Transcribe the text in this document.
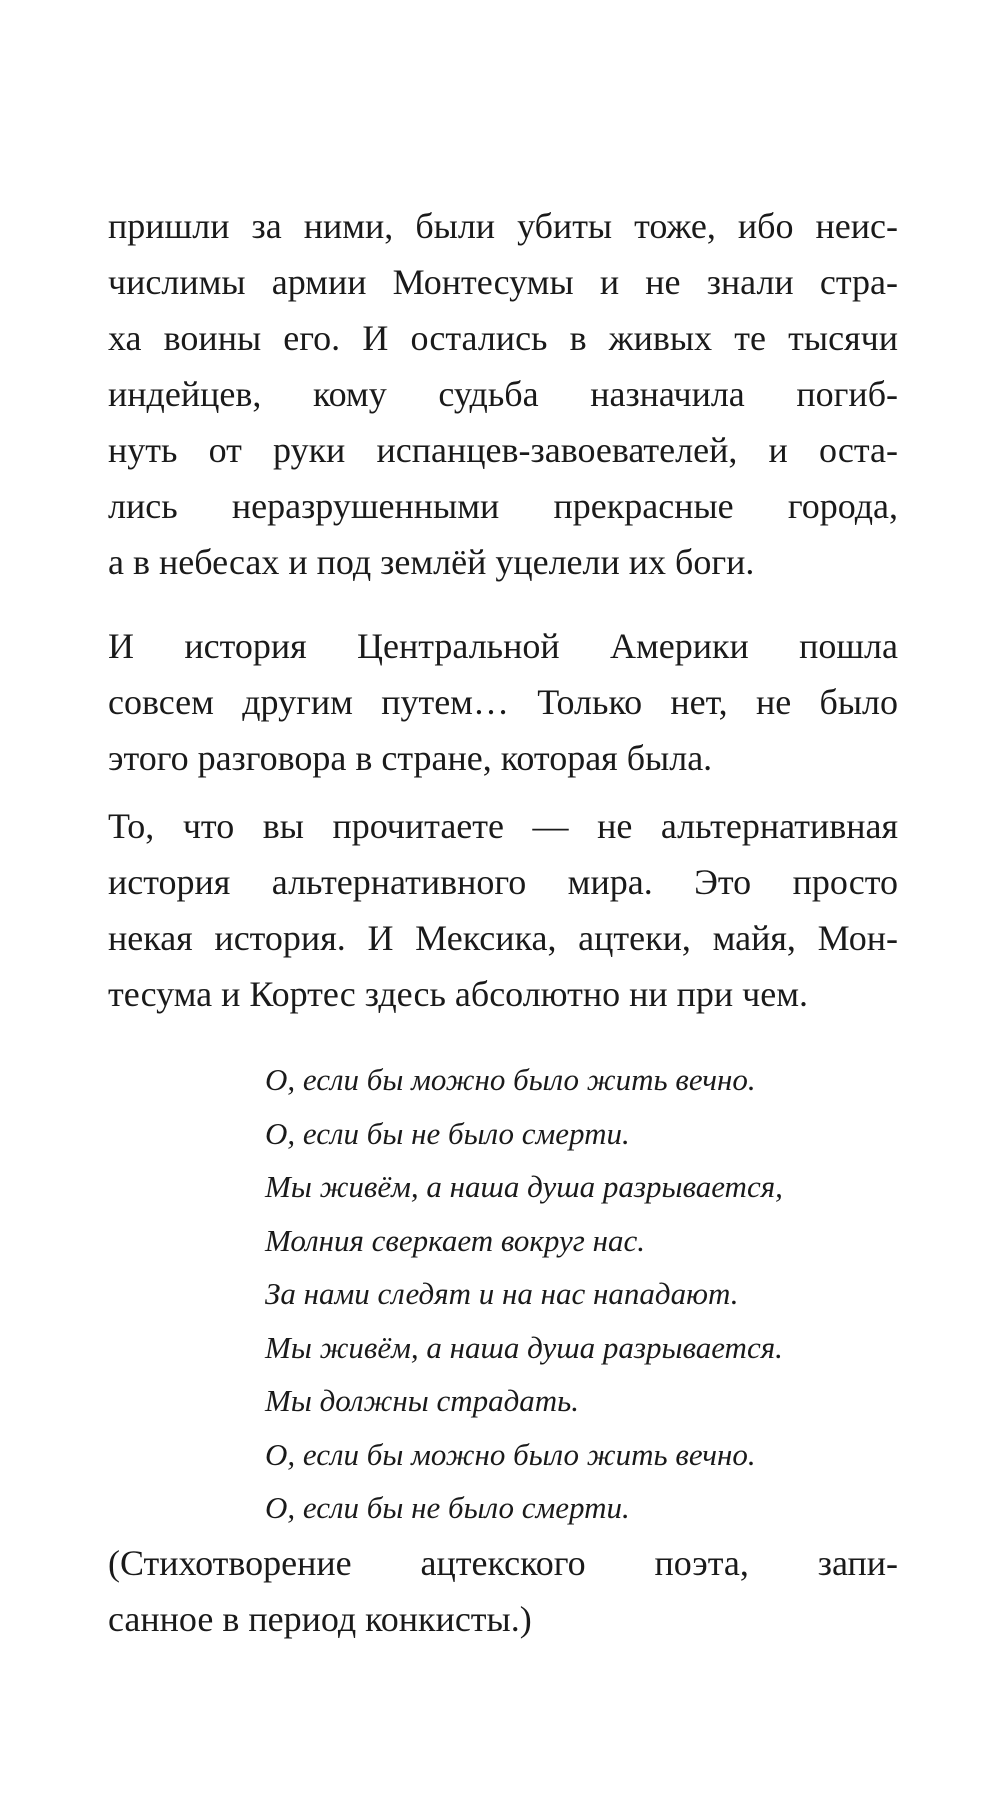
пришли за ними, были убиты тоже, ибо неис-
числимы армии Монтесумы и не знали стра-
ха воины его. И остались в живых те тысячи
индейцев, кому судьба назначила погиб-
нуть от руки испанцев-завоевателей, и оста-
лись неразрушенными прекрасные города,
а в небесах и под землёй уцелели их боги.
И история Центральной Америки пошла
совсем другим путем… Только нет, не было
этого разговора в стране, которая была.
То, что вы прочитаете — не альтернативная
история альтернативного мира. Это просто
некая история. И Мексика, ацтеки, майя, Мон-
тесума и Кортес здесь абсолютно ни при чем.
О, если бы можно было жить вечно.
О, если бы не было смерти.
Мы живём, а наша душа разрывается,
Молния сверкает вокруг нас.
За нами следят и на нас нападают.
Мы живём, а наша душа разрывается.
Мы должны страдать.
О, если бы можно было жить вечно.
О, если бы не было смерти.
(Стихотворение ацтекского поэта, запи-
санное в период конкисты.)
